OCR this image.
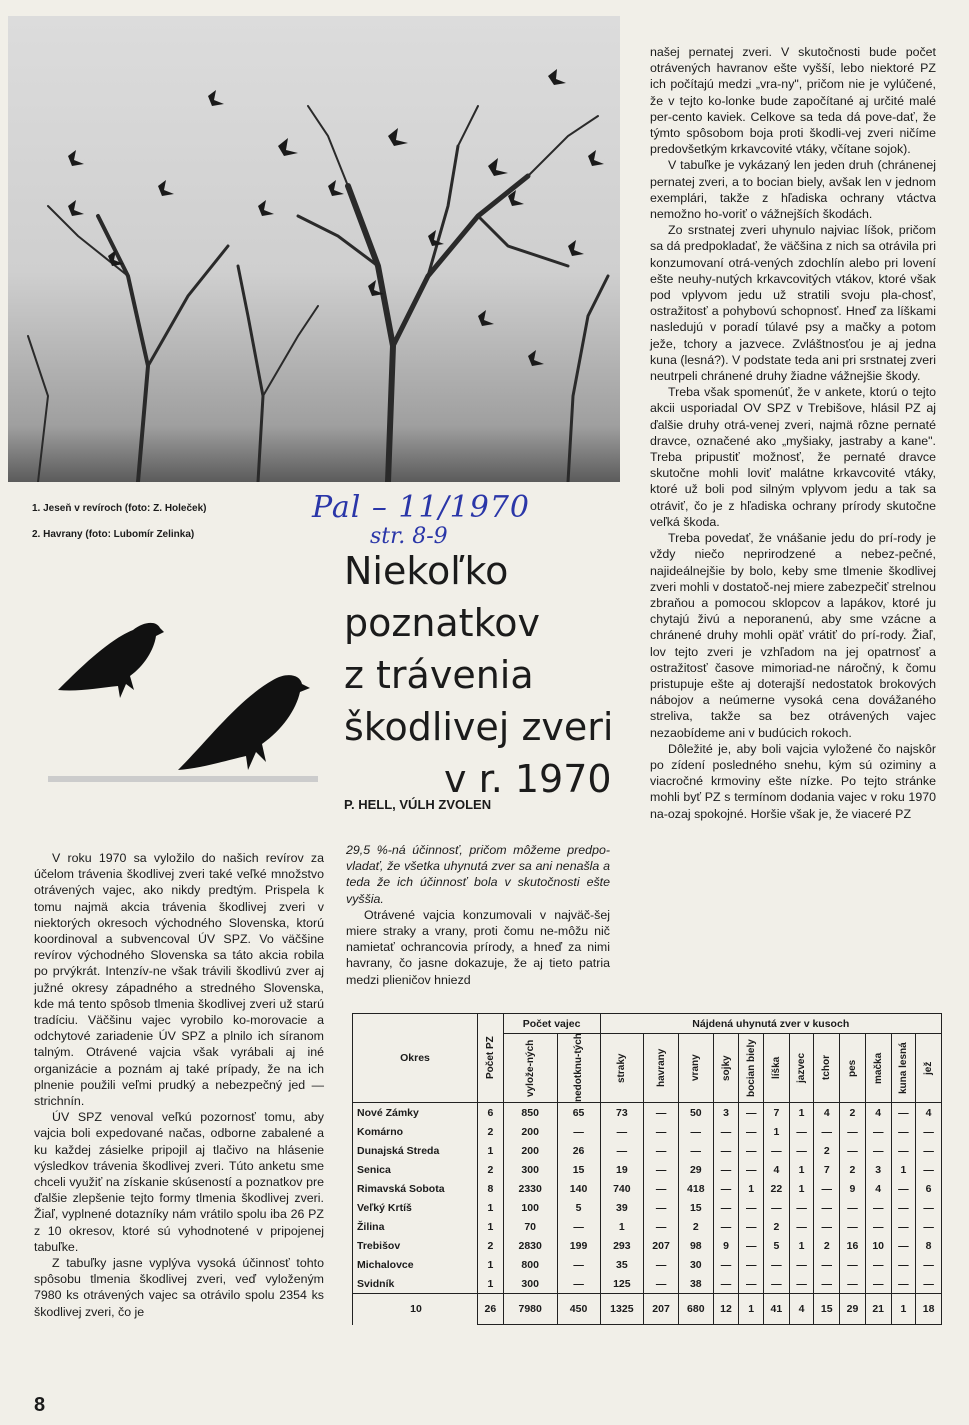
1. Jeseň v revíroch (foto: Z. Holeček)
2. Havrany (foto: Lubomír Zelinka)
Pal – 11/1970
str. 8-9
Niekoľko poznatkov
z trávenia
škodlivej zveri
v r. 1970
P. HELL, VÚLH ZVOLEN

29,5 %-ná účinnosť, pričom môžeme predpo-vladať, že všetka uhynutá zver sa ani nenašla a teda že ich účinnosť bola v skutočnosti ešte vyššia.

Otrávené vajcia konzumovali v najväč-šej miere straky a vrany, proti čomu ne-môžu nič namietať ochrancovia prírody, a hneď za nimi havrany, čo jasne dokazuje, že aj tieto patria medzi plieničov hniezd

V roku 1970 sa vyložilo do našich revírov za účelom trávenia škodlivej zveri také veľké množstvo otrávených vajec, ako nikdy predtým. Prispela k tomu najmä akcia trávenia škodlivej zveri v niektorých okresoch východného Slovenska, ktorú koordinoval a subvencoval ÚV SPZ. Vo väčšine revírov východného Slovenska sa táto akcia robila po prvýkrát. Intenzív-ne však trávili škodlivú zver aj južné okresy západného a stredného Slovenska, kde má tento spôsob tlmenia škodlivej zveri už starú tradíciu. Väčšinu vajec vyrobilo ko-morovacie a odchytové zariadenie ÚV SPZ a plnilo ich síranom talným. Otrávené vajcia však vyrábali aj iné organizácie a poznám aj také prípady, že na ich plnenie použili veľmi prudký a nebezpečný jed — strichnín.

ÚV SPZ venoval veľkú pozornosť tomu, aby vajcia boli expedované načas, odborne zabalené a ku každej zásielke pripojil aj tlačivo na hlásenie výsledkov trávenia škodlivej zveri. Túto anketu sme chceli využiť na získanie skúseností a poznatkov pre ďalšie zlepšenie tejto formy tlmenia škodlivej zveri. Žiaľ, vyplnené dotazníky nám vrátilo spolu iba 26 PZ z 10 okresov, ktoré sú vyhodnotené v pripojenej tabuľke.

Z tabuľky jasne vyplýva vysoká účinnosť tohto spôsobu tlmenia škodlivej zveri, veď vyloženým 7980 ks otrávených vajec sa otrávilo spolu 2354 ks škodlivej zveri, čo je

našej pernatej zveri. V skutočnosti bude počet otrávených havranov ešte vyšší, lebo niektoré PZ ich počítajú medzi „vra-ny", pričom nie je vylúčené, že v tejto ko-lonke bude započítané aj určité malé per-cento kaviek. Celkove sa teda dá pove-dať, že týmto spôsobom boja proti škodli-vej zveri ničíme predovšetkým krkavcovité vtáky, včítane sojok).

V tabuľke je vykázaný len jeden druh (chránenej pernatej zveri, a to bocian biely, avšak len v jednom exemplári, takže z hľadiska ochrany vtáctva nemožno ho-voriť o vážnejších škodách.

Zo srstnatej zveri uhynulo najviac líšok, pričom sa dá predpokladať, že väčšina z nich sa otrávila pri konzumovaní otrá-vených zdochlín alebo pri lovení ešte neuhy-nutých krkavcovitých vtákov, ktoré však pod vplyvom jedu už stratili svoju pla-chosť, ostražitosť a pohybovú schopnosť. Hneď za líškami nasledujú v poradí túlavé psy a mačky a potom ježe, tchory a jazvece. Zvláštnosťou je aj jedna kuna (lesná?). V podstate teda ani pri srstnatej zveri neutrpeli chránené druhy žiadne vážnejšie škody.

Treba však spomenúť, že v ankete, ktorú o tejto akcii usporiadal OV SPZ v Trebišove, hlásil PZ aj ďalšie druhy otrá-venej zveri, najmä rôzne pernaté dravce, označené ako „myšiaky, jastraby a kane". Treba pripustiť možnosť, že pernaté dravce skutočne mohli loviť malátne krkavcovité vtáky, ktoré už boli pod silným vplyvom jedu a tak sa otráviť, čo je z hľadiska ochrany prírody skutočne veľká škoda.

Treba povedať, že vnášanie jedu do prí-rody je vždy niečo neprirodzené a nebez-pečné, najideálnejšie by bolo, keby sme tlmenie škodlivej zveri mohli v dostatoč-nej miere zabezpečiť strelnou zbraňou a pomocou sklopcov a lapákov, ktoré ju chytajú živú a neporanenú, aby sme vzácne a chránené druhy mohli opäť vrátiť do prí-rody. Žiaľ, lov tejto zveri je vzhľadom na jej opatrnosť a ostražitosť časove mimoriad-ne náročný, k čomu pristupuje ešte aj doterajší nedostatok brokových nábojov a neúmerne vysoká cena dovážaného streliva, takže sa bez otrávených vajec nezaobídeme ani v budúcich rokoch.

Dôležité je, aby boli vajcia vyložené čo najskôr po zídení posledného snehu, kým sú oziminy a viacročné krmoviny ešte nízke. Po tejto stránke mohli byť PZ s termínom dodania vajec v roku 1970 na-ozaj spokojné. Horšie však je, že viaceré PZ

Okres	Počet PZ	Počet vajec		Nájdená uhynutá zver v kusoch											

		vylože-ných	nedotknu-tých	straky	havrany	vrany	sojky	bocian biely	líška	jazvec	tchor	pes	mačka	kuna lesná	jež

Nové Zámky	6	850	65	73	—	50	3	—	7	1	4	2	4	—	4
Komárno	2	200	—	—	—	—	—	—	1	—	—	—	—	—	—
Dunajská Streda	1	200	26	—	—	—	—	—	—	—	2	—	—	—	—
Senica	2	300	15	19	—	29	—	—	4	1	7	2	3	1	—
Rimavská Sobota	8	2330	140	740	—	418	—	1	22	1	—	9	4	—	6
Veľký Krtíš	1	100	5	39	—	15	—	—	—	—	—	—	—	—	—
Žilina	1	70	—	1	—	2	—	—	2	—	—	—	—	—	—
Trebišov	2	2830	199	293	207	98	9	—	5	1	2	16	10	—	8
Michalovce	1	800	—	35	—	30	—	—	—	—	—	—	—	—	—
Svidník	1	300	—	125	—	38	—	—	—	—	—	—	—	—	—
10	26	7980	450	1325	207	680	12	1	41	4	15	29	21	1	18
8
